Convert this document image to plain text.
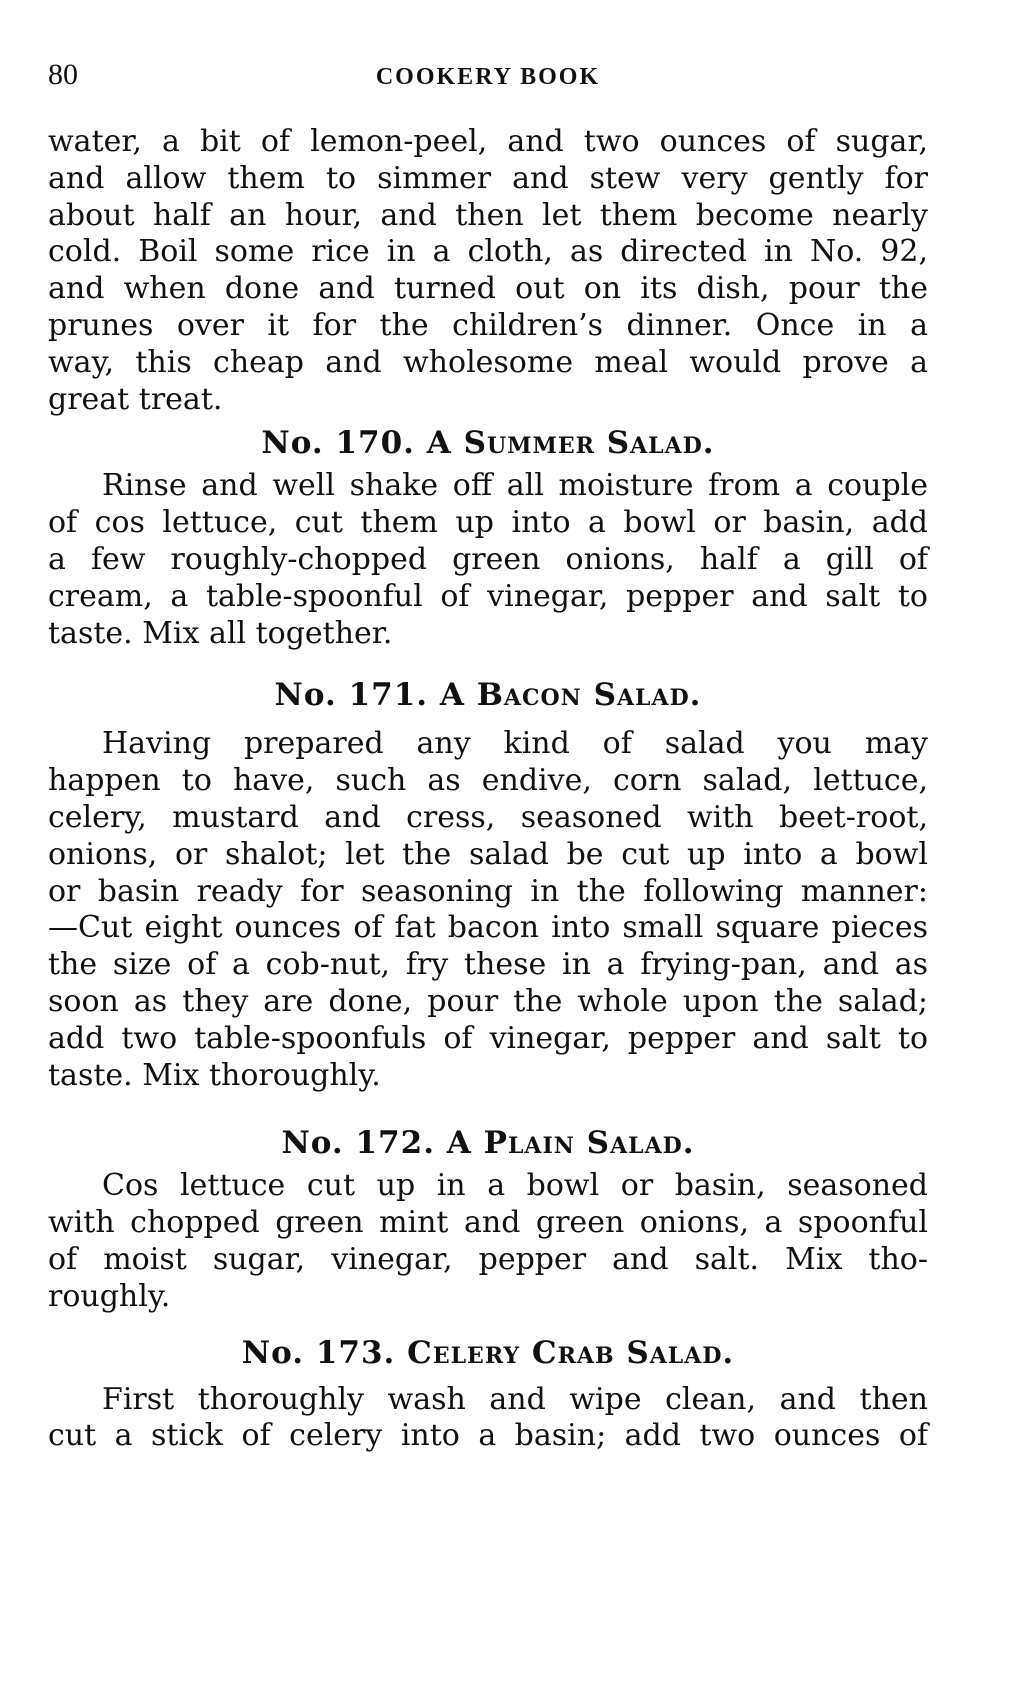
80	COOKERY BOOK

water, a bit of lemon-peel, and two ounces of sugar,
and allow them to simmer and stew very gently for
about half an hour, and then let them become nearly
cold. Boil some rice in a cloth, as directed in No. 92,
and when done and turned out on its dish, pour the
prunes over it for the children’s dinner. Once in a
way, this cheap and wholesome meal would prove a
great treat.

No. 170. A Summer Salad.

Rinse and well shake off all moisture from a couple
of cos lettuce, cut them up into a bowl or basin, add
a few roughly-chopped green onions, half a gill of
cream, a table-spoonful of vinegar, pepper and salt to
taste. Mix all together.

No. 171. A Bacon Salad.

Having prepared any kind of salad you may
happen to have, such as endive, corn salad, lettuce,
celery, mustard and cress, seasoned with beet-root,
onions, or shalot; let the salad be cut up into a bowl
or basin ready for seasoning in the following manner:
—Cut eight ounces of fat bacon into small square pieces
the size of a cob-nut, fry these in a frying-pan, and as
soon as they are done, pour the whole upon the salad;
add two table-spoonfuls of vinegar, pepper and salt to
taste. Mix thoroughly.

No. 172. A Plain Salad.

Cos lettuce cut up in a bowl or basin, seasoned
with chopped green mint and green onions, a spoonful
of moist sugar, vinegar, pepper and salt. Mix tho-
roughly.

No. 173. Celery Crab Salad.

First thoroughly wash and wipe clean, and then
cut a stick of celery into a basin; add two ounces of
